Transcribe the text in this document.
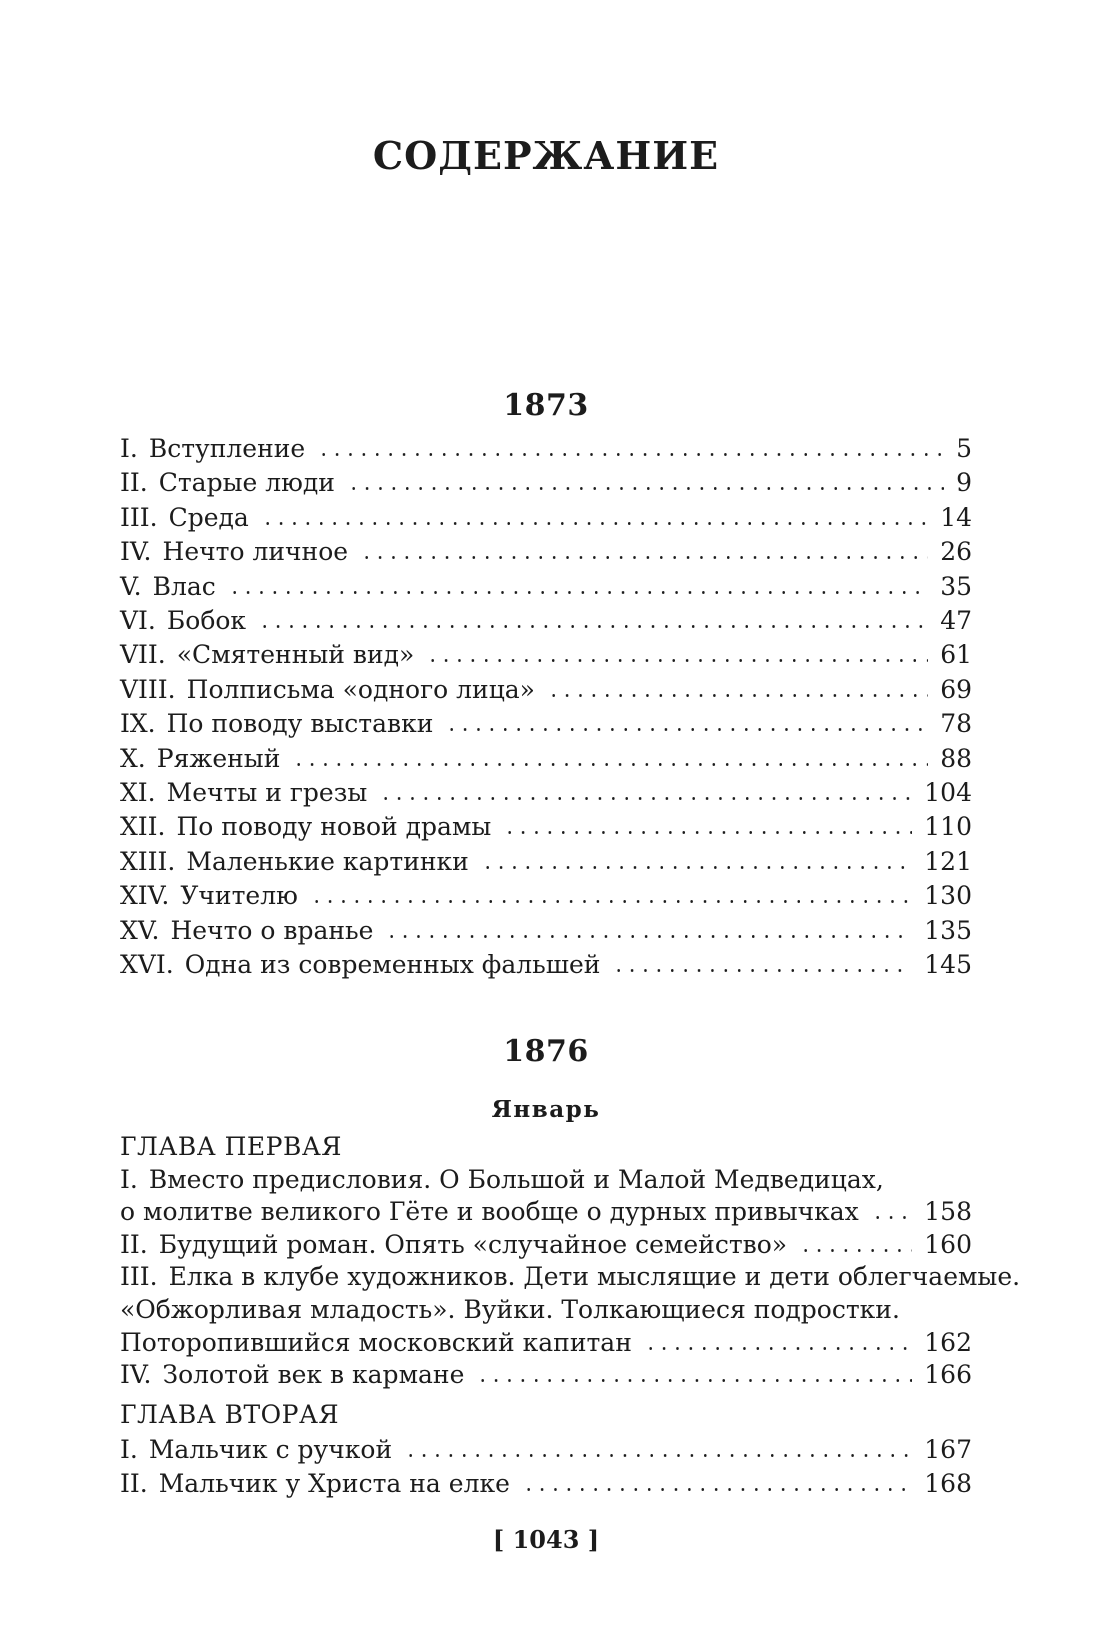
СОДЕРЖАНИЕ
1873
I. Вступление	5
II. Старые люди	9
III. Среда	14
IV. Нечто личное	26
V. Влас	35
VI. Бобок	47
VII. «Смятенный вид»	61
VIII. Полписьма «одного лица»	69
IX. По поводу выставки	78
X. Ряженый	88
XI. Мечты и грезы	104
XII. По поводу новой драмы	110
XIII. Маленькие картинки	121
XIV. Учителю	130
XV. Нечто о вранье	135
XVI. Одна из современных фальшей	145
1876
Январь
ГЛАВА ПЕРВАЯ
I. Вместо предисловия. О Большой и Малой Медведицах,
о молитве великого Гёте и вообще о дурных привычках	158
II. Будущий роман. Опять «случайное семейство»	160
III. Елка в клубе художников. Дети мыслящие и дети облегчаемые.
«Обжорливая младость». Вуйки. Толкающиеся подростки.
Поторопившийся московский капитан	162
IV. Золотой век в кармане	166
ГЛАВА ВТОРАЯ
I. Мальчик с ручкой	167
II. Мальчик у Христа на елке	168
[ 1043 ]
